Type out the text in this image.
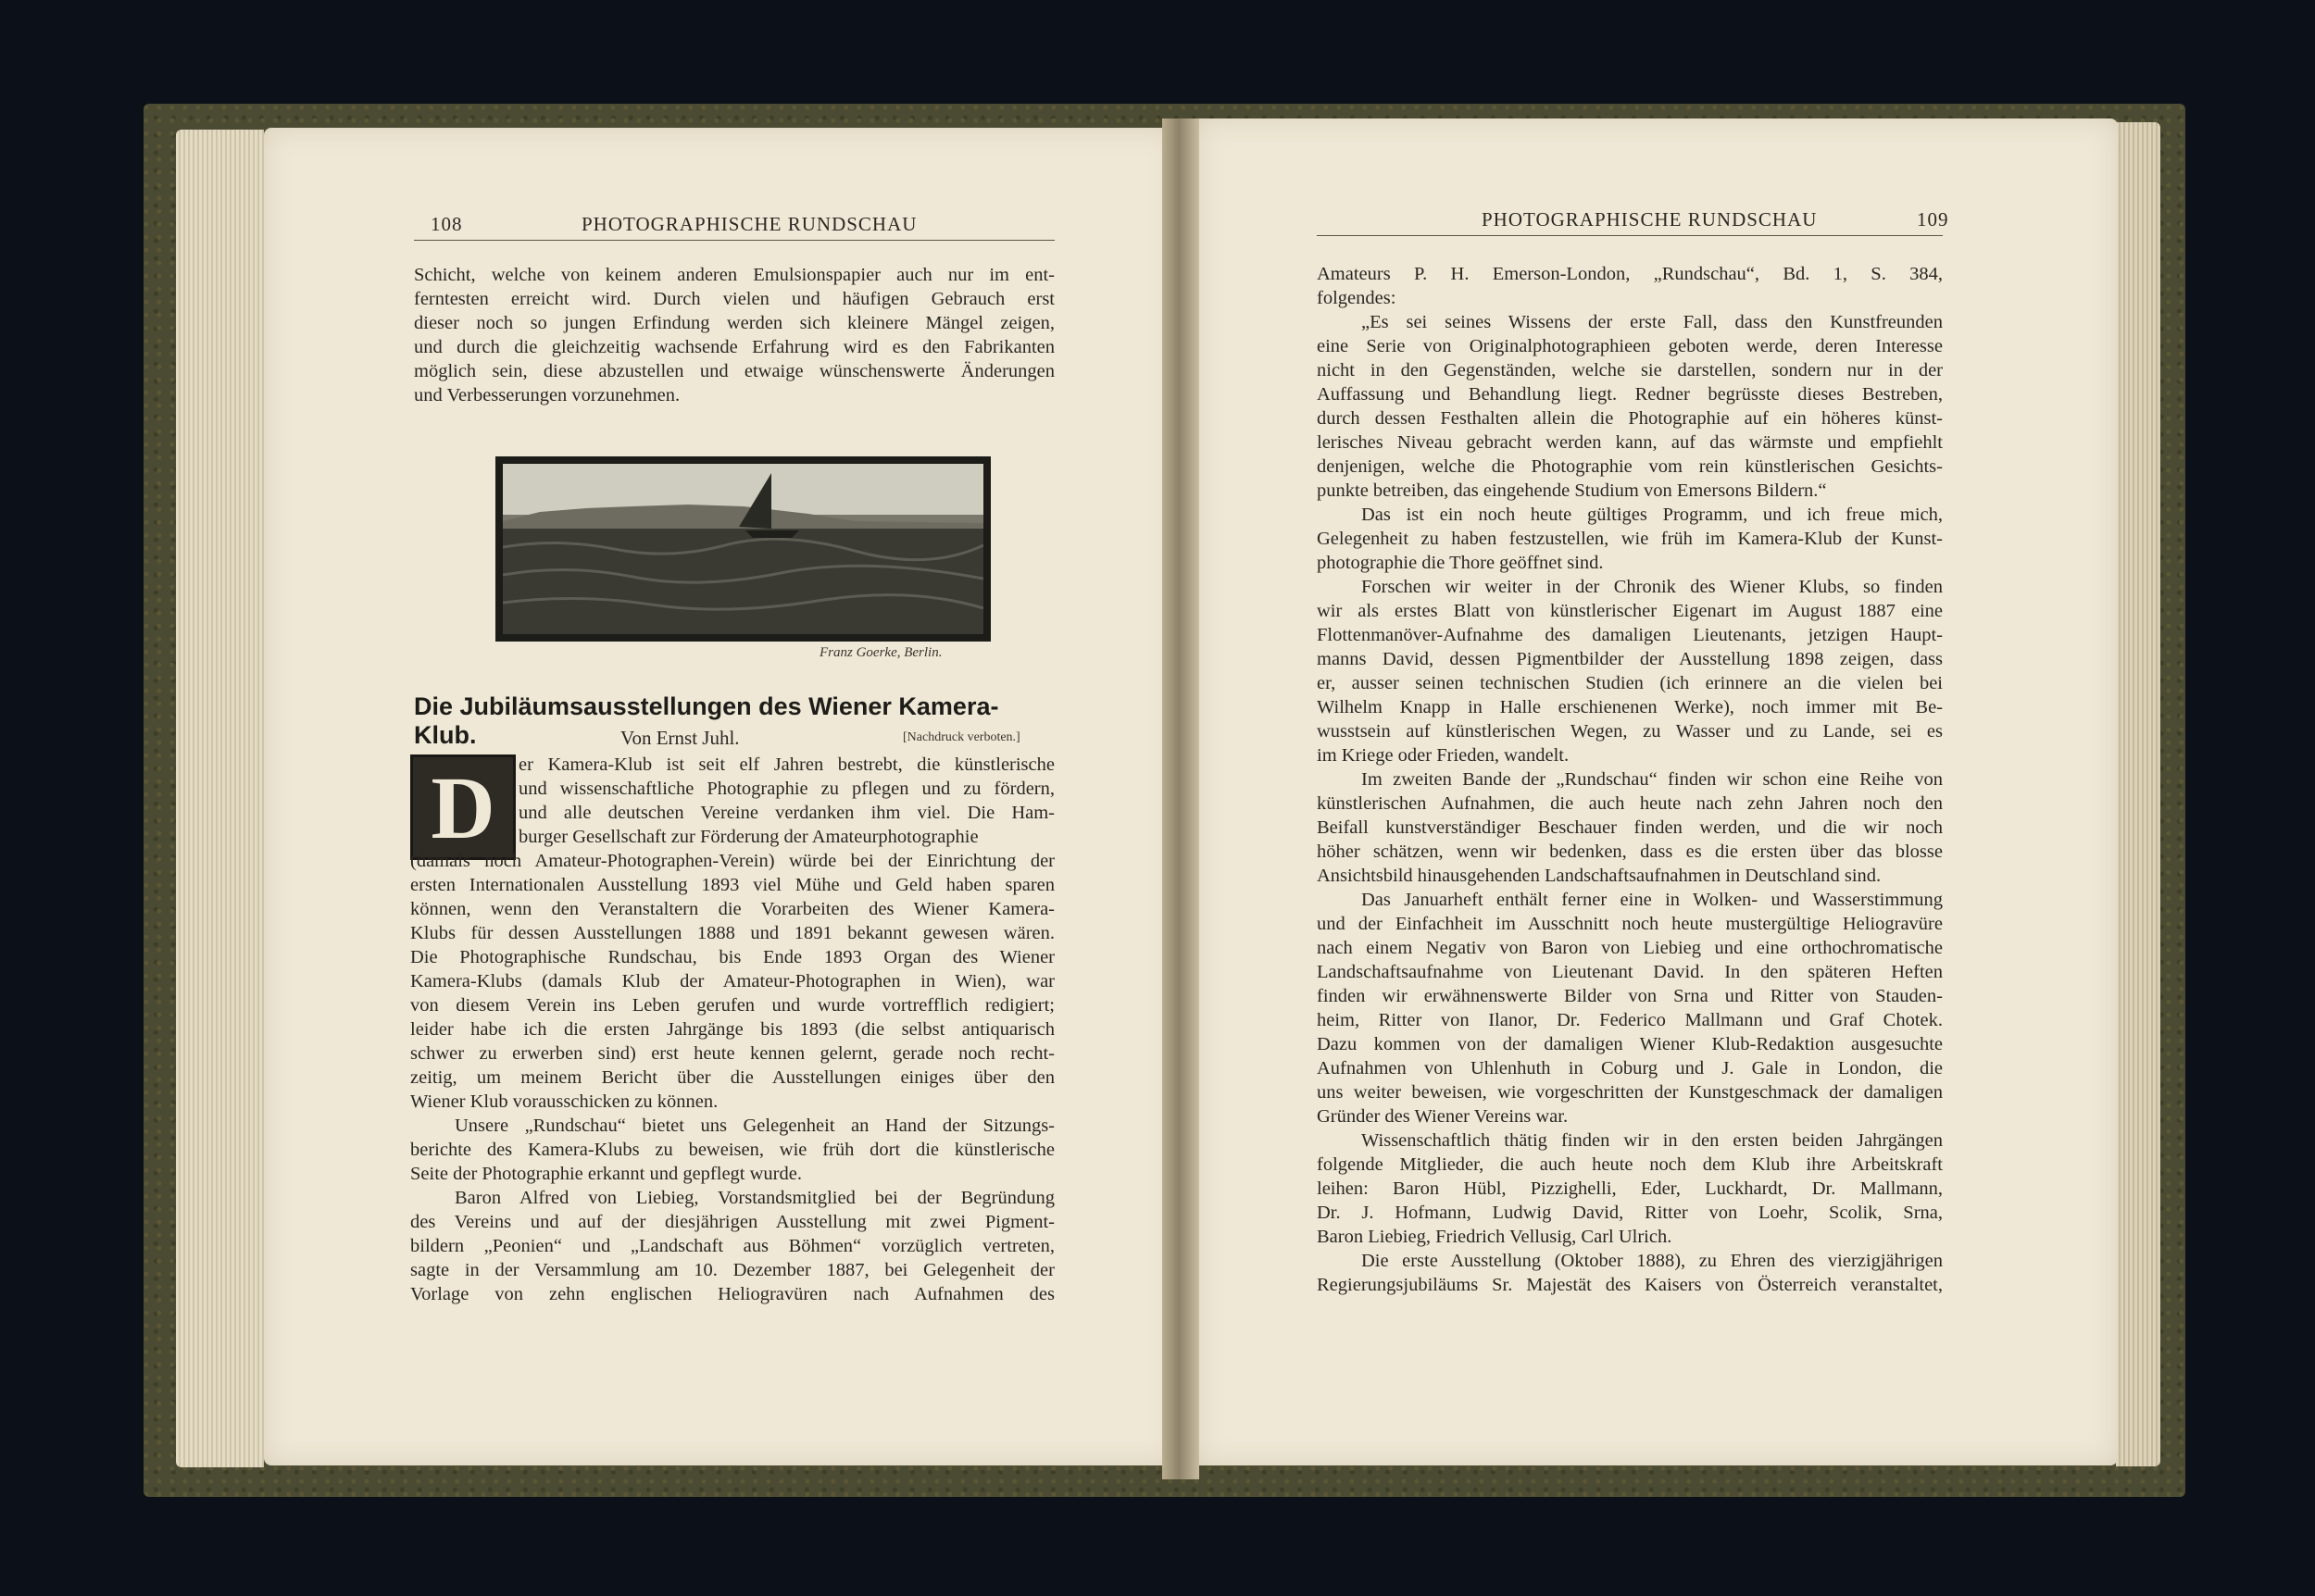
108	PHOTOGRAPHISCHE RUNDSCHAU

Schicht, welche von keinem anderen Emulsionspapier auch nur im ent-

ferntesten erreicht wird. Durch vielen und häufigen Gebrauch erst

dieser noch so jungen Erfindung werden sich kleinere Mängel zeigen,

und durch die gleichzeitig wachsende Erfahrung wird es den Fabrikanten

möglich sein, diese abzustellen und etwaige wünschenswerte Änderungen

und Verbesserungen vorzunehmen.

Franz Goerke, Berlin.
Die Jubiläumsausstellungen des Wiener Kamera-Klub.	Von Ernst Juhl.	[Nachdruck verboten.]
D	er Kamera-Klub ist seit elf Jahren bestrebt, die künstlerische

und wissenschaftliche Photographie zu pflegen und zu fördern,

und alle deutschen Vereine verdanken ihm viel. Die Ham-

burger Gesellschaft zur Förderung der Amateurphotographie

(damals noch Amateur-Photographen-Verein) würde bei der Einrichtung der

ersten Internationalen Ausstellung 1893 viel Mühe und Geld haben sparen

können, wenn den Veranstaltern die Vorarbeiten des Wiener Kamera-

Klubs für dessen Ausstellungen 1888 und 1891 bekannt gewesen wären.

Die Photographische Rundschau, bis Ende 1893 Organ des Wiener

Kamera-Klubs (damals Klub der Amateur-Photographen in Wien), war

von diesem Verein ins Leben gerufen und wurde vortrefflich redigiert;

leider habe ich die ersten Jahrgänge bis 1893 (die selbst antiquarisch

schwer zu erwerben sind) erst heute kennen gelernt, gerade noch recht-

zeitig, um meinem Bericht über die Ausstellungen einiges über den

Wiener Klub vorausschicken zu können.

Unsere „Rundschau“ bietet uns Gelegenheit an Hand der Sitzungs-

berichte des Kamera-Klubs zu beweisen, wie früh dort die künstlerische

Seite der Photographie erkannt und gepflegt wurde.

Baron Alfred von Liebieg, Vorstandsmitglied bei der Begründung

des Vereins und auf der diesjährigen Ausstellung mit zwei Pigment-

bildern „Peonien“ und „Landschaft aus Böhmen“ vorzüglich vertreten,

sagte in der Versammlung am 10. Dezember 1887, bei Gelegenheit der

Vorlage von zehn englischen Heliogravüren nach Aufnahmen des

PHOTOGRAPHISCHE RUNDSCHAU	109

Amateurs P. H. Emerson-London, „Rundschau“, Bd. 1, S. 384,

folgendes:

„Es sei seines Wissens der erste Fall, dass den Kunstfreunden

eine Serie von Originalphotographieen geboten werde, deren Interesse

nicht in den Gegenständen, welche sie darstellen, sondern nur in der

Auffassung und Behandlung liegt. Redner begrüsste dieses Bestreben,

durch dessen Festhalten allein die Photographie auf ein höheres künst-

lerisches Niveau gebracht werden kann, auf das wärmste und empfiehlt

denjenigen, welche die Photographie vom rein künstlerischen Gesichts-

punkte betreiben, das eingehende Studium von Emersons Bildern.“

Das ist ein noch heute gültiges Programm, und ich freue mich,

Gelegenheit zu haben festzustellen, wie früh im Kamera-Klub der Kunst-

photographie die Thore geöffnet sind.

Forschen wir weiter in der Chronik des Wiener Klubs, so finden

wir als erstes Blatt von künstlerischer Eigenart im August 1887 eine

Flottenmanöver-Aufnahme des damaligen Lieutenants, jetzigen Haupt-

manns David, dessen Pigmentbilder der Ausstellung 1898 zeigen, dass

er, ausser seinen technischen Studien (ich erinnere an die vielen bei

Wilhelm Knapp in Halle erschienenen Werke), noch immer mit Be-

wusstsein auf künstlerischen Wegen, zu Wasser und zu Lande, sei es

im Kriege oder Frieden, wandelt.

Im zweiten Bande der „Rundschau“ finden wir schon eine Reihe von

künstlerischen Aufnahmen, die auch heute nach zehn Jahren noch den

Beifall kunstverständiger Beschauer finden werden, und die wir noch

höher schätzen, wenn wir bedenken, dass es die ersten über das blosse

Ansichtsbild hinausgehenden Landschaftsaufnahmen in Deutschland sind.

Das Januarheft enthält ferner eine in Wolken- und Wasserstimmung

und der Einfachheit im Ausschnitt noch heute mustergültige Heliogravüre

nach einem Negativ von Baron von Liebieg und eine orthochromatische

Landschaftsaufnahme von Lieutenant David. In den späteren Heften

finden wir erwähnenswerte Bilder von Srna und Ritter von Stauden-

heim, Ritter von Ilanor, Dr. Federico Mallmann und Graf Chotek.

Dazu kommen von der damaligen Wiener Klub-Redaktion ausgesuchte

Aufnahmen von Uhlenhuth in Coburg und J. Gale in London, die

uns weiter beweisen, wie vorgeschritten der Kunstgeschmack der damaligen

Gründer des Wiener Vereins war.

Wissenschaftlich thätig finden wir in den ersten beiden Jahrgängen

folgende Mitglieder, die auch heute noch dem Klub ihre Arbeitskraft

leihen: Baron Hübl, Pizzighelli, Eder, Luckhardt, Dr. Mallmann,

Dr. J. Hofmann, Ludwig David, Ritter von Loehr, Scolik, Srna,

Baron Liebieg, Friedrich Vellusig, Carl Ulrich.

Die erste Ausstellung (Oktober 1888), zu Ehren des vierzigjährigen

Regierungsjubiläums Sr. Majestät des Kaisers von Österreich veranstaltet,
